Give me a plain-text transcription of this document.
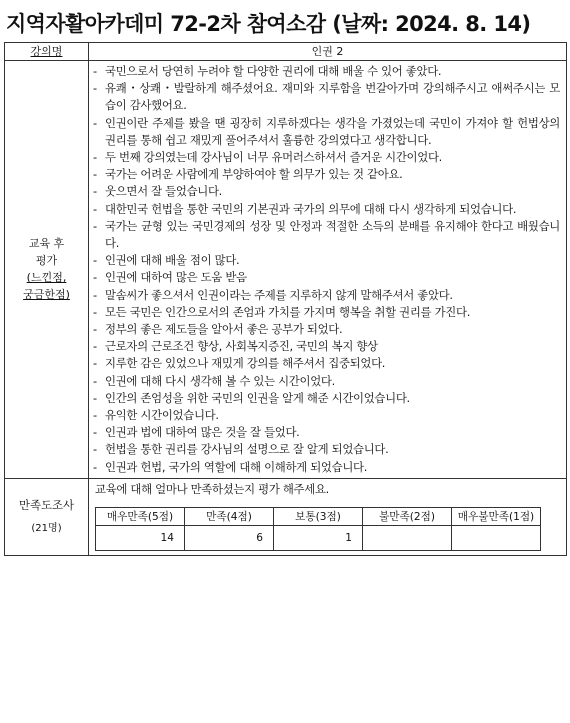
지역자활아카데미 72-2차 참여소감 (날짜: 2024. 8. 14)
강의명	인권 2

교육 후
평가
(느낀점,
궁금한점)

- 국민으로서 당연히 누려야 할 다양한 권리에 대해 배울 수 있어 좋았다.
- 유쾌・상쾌・발랄하게 해주셨어요. 재미와 지루함을 번갈아가며 강의해주시고 애써주시는 모습이 감사했어요.
- 인권이란 주제를 봤을 땐 굉장히 지루하겠다는 생각을 가졌었는데 국민이 가져야 할 헌법상의 권리를 통해 쉽고 재밌게 풀어주셔서 훌륭한 강의였다고 생각합니다.
- 두 번째 강의였는데 강사님이 너무 유머러스하셔서 즐거운 시간이었다.
- 국가는 어려운 사람에게 부양하여야 할 의무가 있는 것 같아요.
- 웃으면서 잘 들었습니다.
- 대한민국 헌법을 통한 국민의 기본권과 국가의 의무에 대해 다시 생각하게 되었습니다.
- 국가는 균형 있는 국민경제의 성장 및 안정과 적절한 소득의 분배를 유지해야 한다고 배웠습니다.
- 인권에 대해 배울 점이 많다.
- 인권에 대하여 많은 도움 받음
- 말솜씨가 좋으셔서 인권이라는 주제를 지루하지 않게 말해주셔서 좋았다.
- 모든 국민은 인간으로서의 존엄과 가치를 가지며 행복을 취할 권리를 가진다.
- 정부의 좋은 제도들을 알아서 좋은 공부가 되었다.
- 근로자의 근로조건 향상, 사회복지증진, 국민의 복지 향상
- 지루한 감은 있었으나 재밌게 강의를 해주셔서 집중되었다.
- 인권에 대해 다시 생각해 볼 수 있는 시간이었다.
- 인간의 존엄성을 위한 국민의 인권을 알게 해준 시간이었습니다.
- 유익한 시간이었습니다.
- 인권과 법에 대하여 많은 것을 잘 들었다.
- 헌법을 통한 권리를 강사님의 설명으로 잘 알게 되었습니다.
- 인권과 헌법, 국가의 역할에 대해 이해하게 되었습니다.

만족도조사
(21명)

교육에 대해 얼마나 만족하셨는지 평가 해주세요.
매우만족(5점)	만족(4점)	보통(3점)	불만족(2점)	매우불만족(1점)
14	6	1		
